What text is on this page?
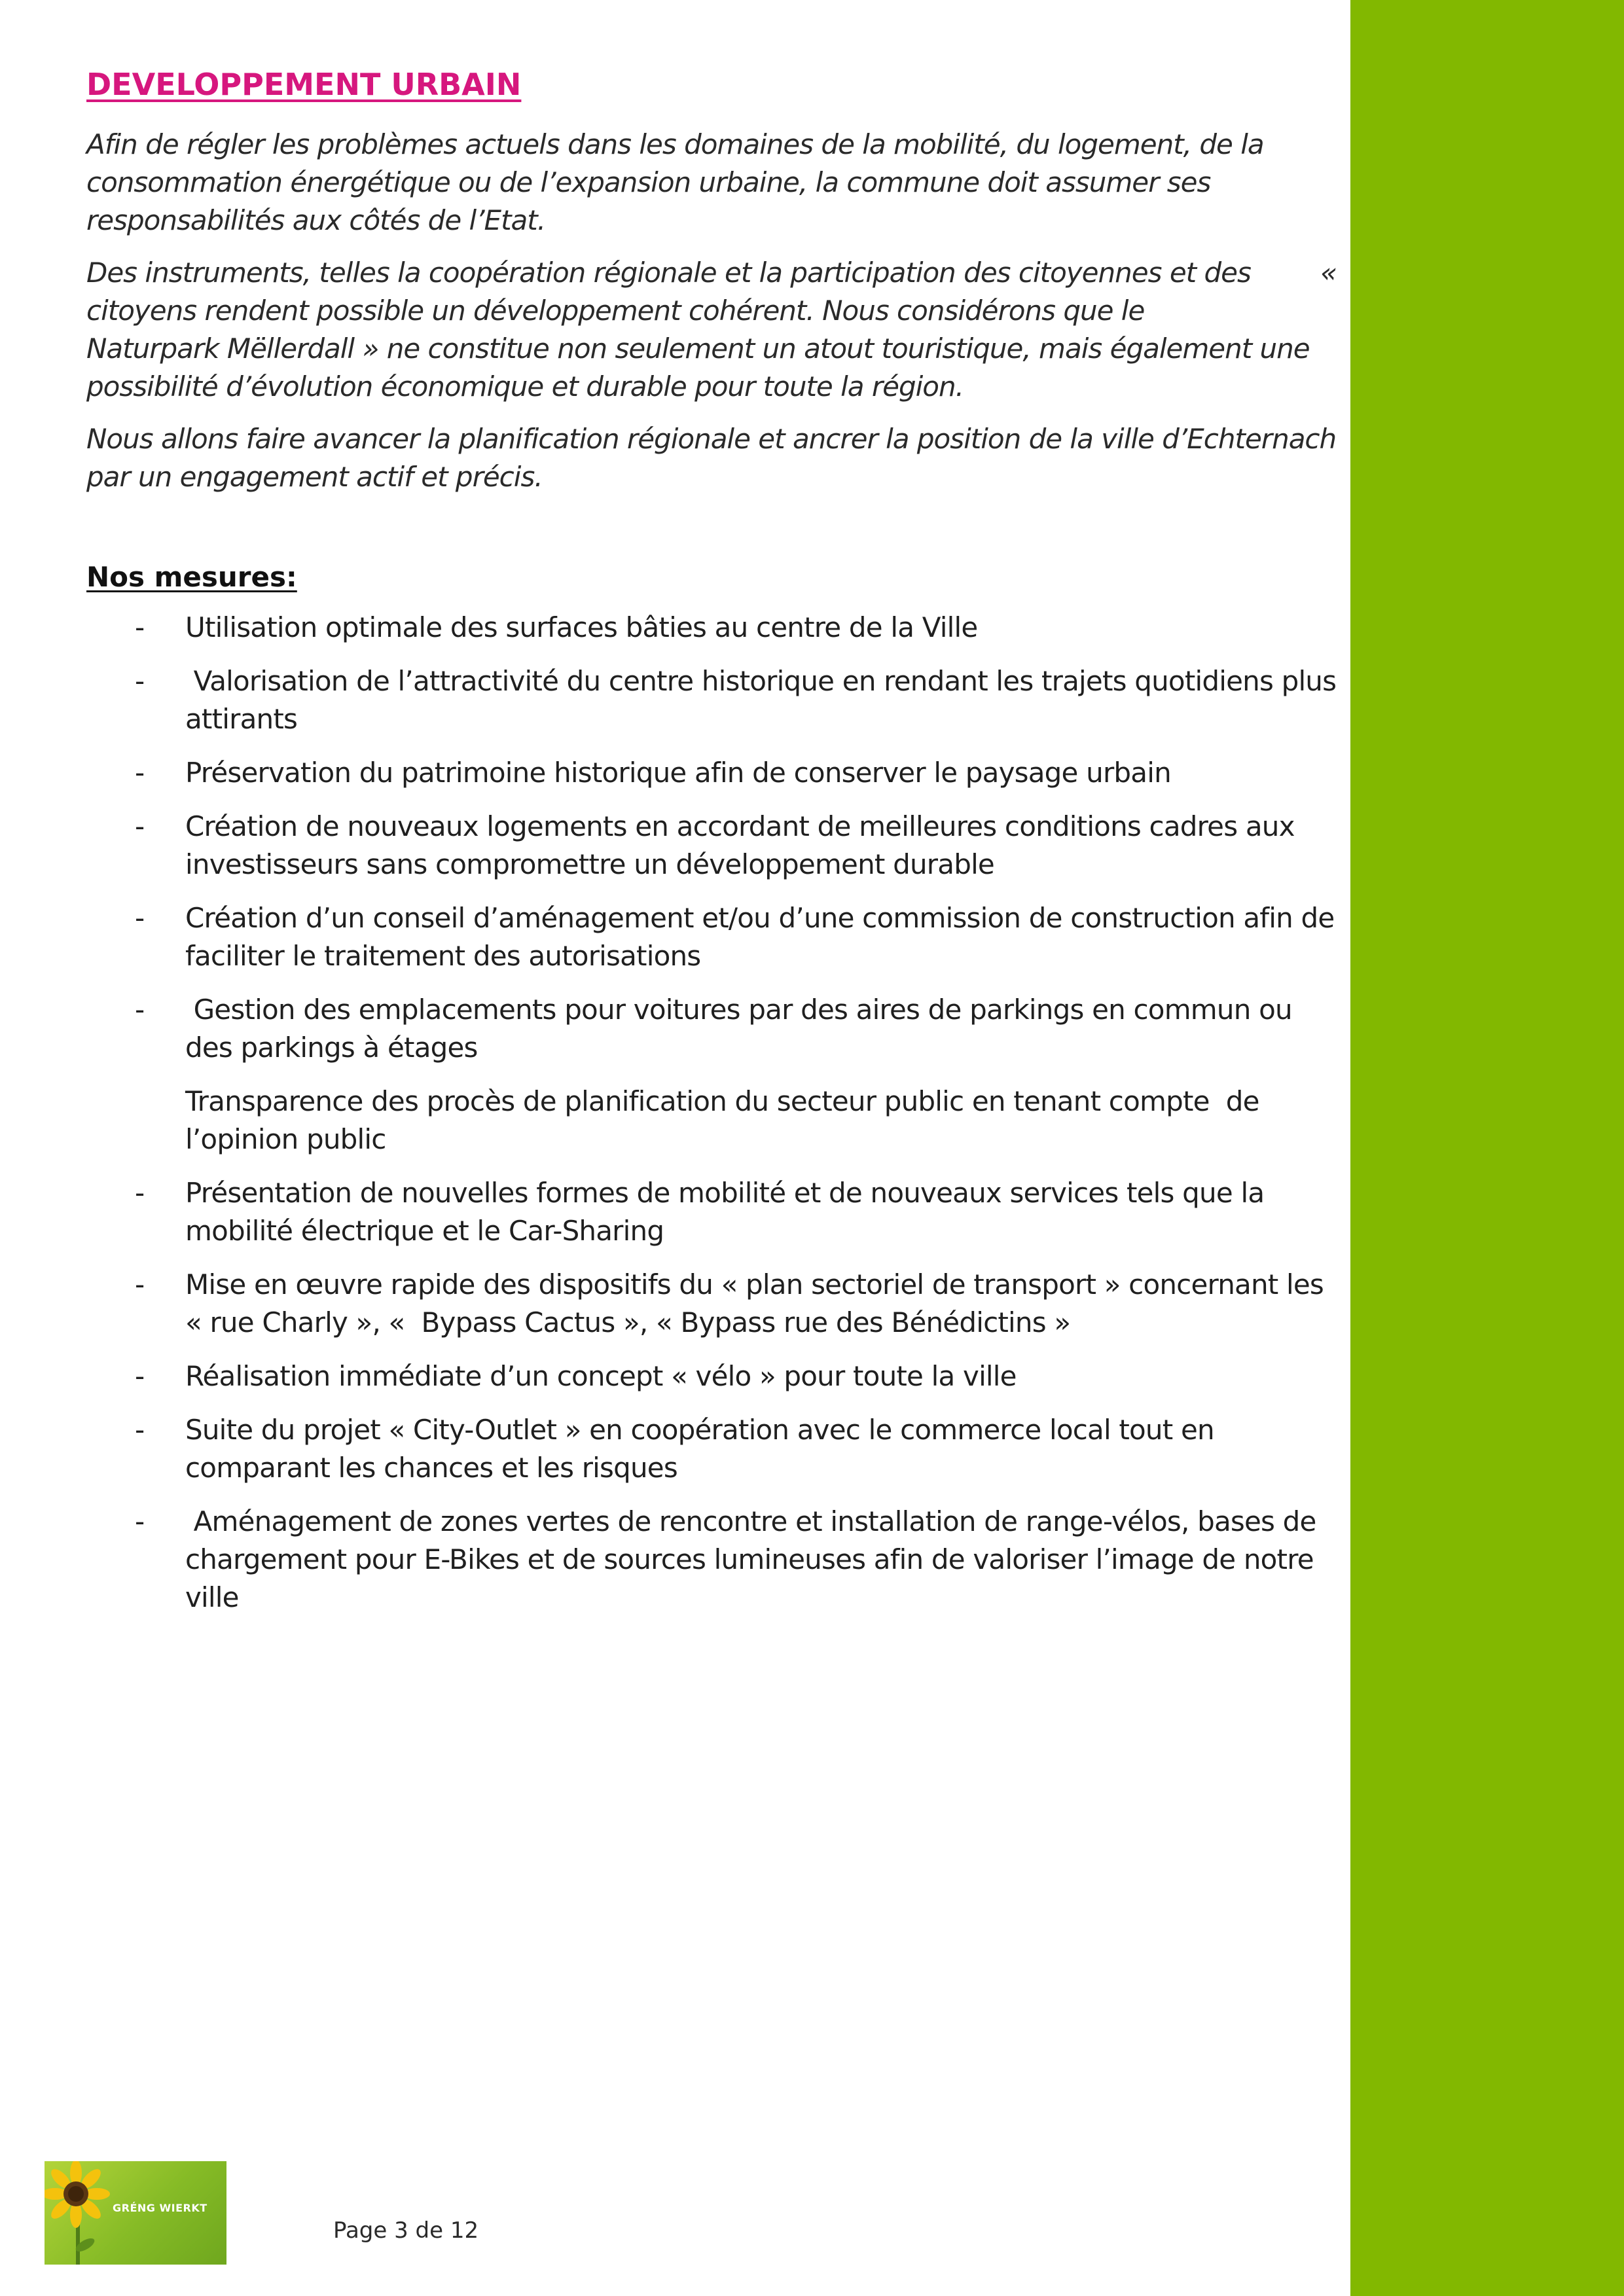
DEVELOPPEMENT URBAIN

Afin de régler les problèmes actuels dans les domaines de la mobilité, du logement, de la consommation énergétique ou de l’expansion urbaine, la commune doit assumer ses responsabilités aux côtés de l’Etat.

Des instruments, telles la coopération régionale et la participation des citoyennes et des citoyens rendent possible un développement cohérent. Nous considérons que le
«

Naturpark Mëllerdall » ne constitue non seulement un atout touristique, mais également une possibilité d’évolution économique et durable pour toute la région.

Nous allons faire avancer la planification régionale et ancrer la position de la ville d’Echternach par un engagement actif et précis.

Nos mesures:
- Utilisation optimale des surfaces bâties au centre de la Ville
- Valorisation de l’attractivité du centre historique en rendant les trajets quotidiens plus attirants
- Préservation du patrimoine historique afin de conserver le paysage urbain
- Création de nouveaux logements en accordant de meilleures conditions cadres aux investisseurs sans compromettre un développement durable
- Création d’un conseil d’aménagement et/ou d’une commission de construction afin de faciliter le traitement des autorisations
- Gestion des emplacements pour voitures par des aires de parkings en commun ou des parkings à étages
Transparence des procès de planification du secteur public en tenant compte  de l’opinion public
- Présentation de nouvelles formes de mobilité et de nouveaux services tels que la mobilité électrique et le Car-Sharing
- Mise en œuvre rapide des dispositifs du « plan sectoriel de transport » concernant les « rue Charly », «  Bypass Cactus », « Bypass rue des Bénédictins »
- Réalisation immédiate d’un concept « vélo » pour toute la ville
- Suite du projet « City-Outlet » en coopération avec le commerce local tout en comparant les chances et les risques
- Aménagement de zones vertes de rencontre et installation de range-vélos, bases de chargement pour E-Bikes et de sources lumineuses afin de valoriser l’image de notre ville
GRÉNG WIERKT
Page 3 de 12
